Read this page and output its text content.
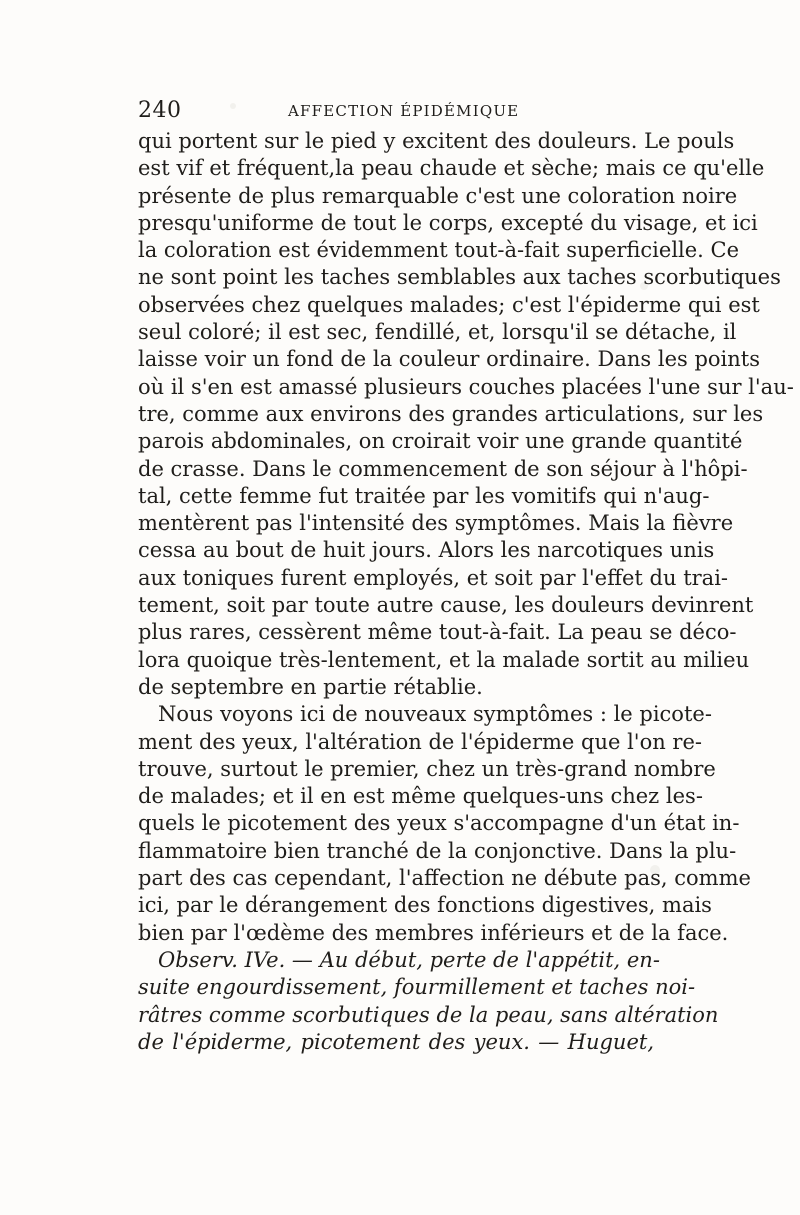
240	AFFECTION ÉPIDÉMIQUE
qui portent sur le pied y excitent des douleurs. Le pouls
est vif et fréquent,la peau chaude et sèche; mais ce qu'elle
présente de plus remarquable c'est une coloration noire
presqu'uniforme de tout le corps, excepté du visage, et ici
la coloration est évidemment tout-à-fait superficielle. Ce
ne sont point les taches semblables aux taches scorbutiques
observées chez quelques malades; c'est l'épiderme qui est
seul coloré; il est sec, fendillé, et, lorsqu'il se détache, il
laisse voir un fond de la couleur ordinaire. Dans les points
où il s'en est amassé plusieurs couches placées l'une sur l'au-
tre, comme aux environs des grandes articulations, sur les
parois abdominales, on croirait voir une grande quantité
de crasse. Dans le commencement de son séjour à l'hôpi-
tal, cette femme fut traitée par les vomitifs qui n'aug-
mentèrent pas l'intensité des symptômes. Mais la fièvre
cessa au bout de huit jours. Alors les narcotiques unis
aux toniques furent employés, et soit par l'effet du trai-
tement, soit par toute autre cause, les douleurs devinrent
plus rares, cessèrent même tout-à-fait. La peau se déco-
lora quoique très-lentement, et la malade sortit au milieu
de septembre en partie rétablie.
Nous voyons ici de nouveaux symptômes : le picote-
ment des yeux, l'altération de l'épiderme que l'on re-
trouve, surtout le premier, chez un très-grand nombre
de malades; et il en est même quelques-uns chez les-
quels le picotement des yeux s'accompagne d'un état in-
flammatoire bien tranché de la conjonctive. Dans la plu-
part des cas cependant, l'affection ne débute pas, comme
ici, par le dérangement des fonctions digestives, mais
bien par l'œdème des membres inférieurs et de la face.
Observ. IVe. — Au début, perte de l'appétit, en-
suite engourdissement, fourmillement et taches noi-
râtres comme scorbutiques de la peau, sans altération
de l'épiderme, picotement des yeux. — Huguet,
